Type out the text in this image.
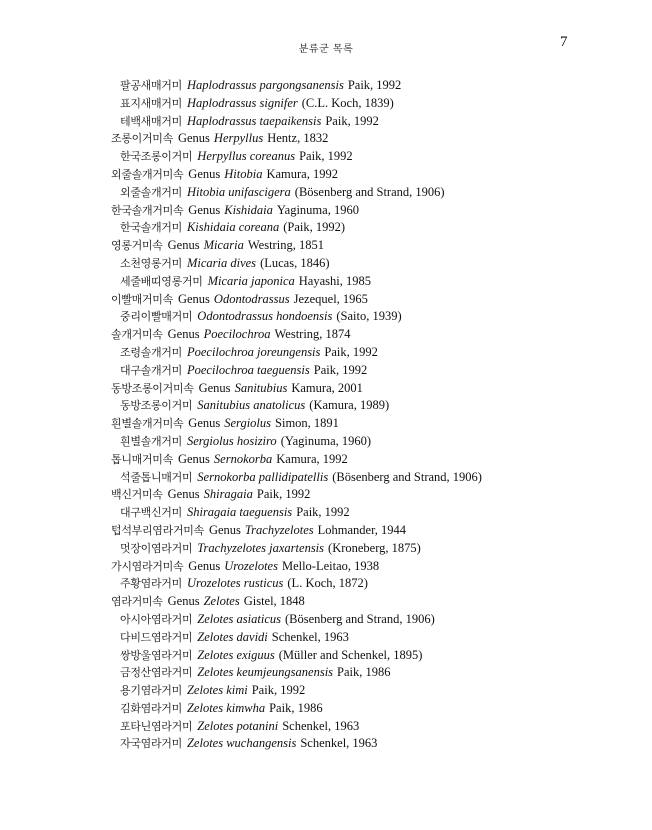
분류군 목록	7
팔공새매거미 Haplodrassus pargongsanensis Paik, 1992
표지새매거미 Haplodrassus signifer (C.L. Koch, 1839)
테백새매거미 Haplodrassus taepaikensis Paik, 1992
조롱이거미속 Genus Herpyllus Hentz, 1832
한국조롱이거미 Herpyllus coreanus Paik, 1992
외줄솔개거미속 Genus Hitobia Kamura, 1992
외줄솔개거미 Hitobia unifascigera (Bösenberg and Strand, 1906)
한국솔개거미속 Genus Kishidaia Yaginuma, 1960
한국솔개거미 Kishidaia coreana (Paik, 1992)
영롱거미속 Genus Micaria Westring, 1851
소천영롱거미 Micaria dives (Lucas, 1846)
세줄배띠영롱거미 Micaria japonica Hayashi, 1985
이빨매거미속 Genus Odontodrassus Jezequel, 1965
중리이빨매거미 Odontodrassus hondoensis (Saito, 1939)
솔개거미속 Genus Poecilochroa Westring, 1874
조령솔개거미 Poecilochroa joreungensis Paik, 1992
대구솔개거미 Poecilochroa taeguensis Paik, 1992
동방조롱이거미속 Genus Sanitubius Kamura, 2001
동방조롱이거미 Sanitubius anatolicus (Kamura, 1989)
흰별솔개거미속 Genus Sergiolus Simon, 1891
흰별솔개거미 Sergiolus hosiziro (Yaginuma, 1960)
톱니매거미속 Genus Sernokorba Kamura, 1992
석줄톱니매거미 Sernokorba pallidipatellis (Bösenberg and Strand, 1906)
백신거미속 Genus Shiragaia Paik, 1992
대구백신거미 Shiragaia taeguensis Paik, 1992
텁석부리염라거미속 Genus Trachyzelotes Lohmander, 1944
멋장이염라거미 Trachyzelotes jaxartensis (Kroneberg, 1875)
가시염라거미속 Genus Urozelotes Mello-Leitao, 1938
주황염라거미 Urozelotes rusticus (L. Koch, 1872)
염라거미속 Genus Zelotes Gistel, 1848
아시아염라거미 Zelotes asiaticus (Bösenberg and Strand, 1906)
다비드염라거미 Zelotes davidi Schenkel, 1963
쌍방울염라거미 Zelotes exiguus (Müller and Schenkel, 1895)
금정산염라거미 Zelotes keumjeungsanensis Paik, 1986
용기염라거미 Zelotes kimi Paik, 1992
김화염라거미 Zelotes kimwha Paik, 1986
포타닌염라거미 Zelotes potanini Schenkel, 1963
자국염라거미 Zelotes wuchangensis Schenkel, 1963
